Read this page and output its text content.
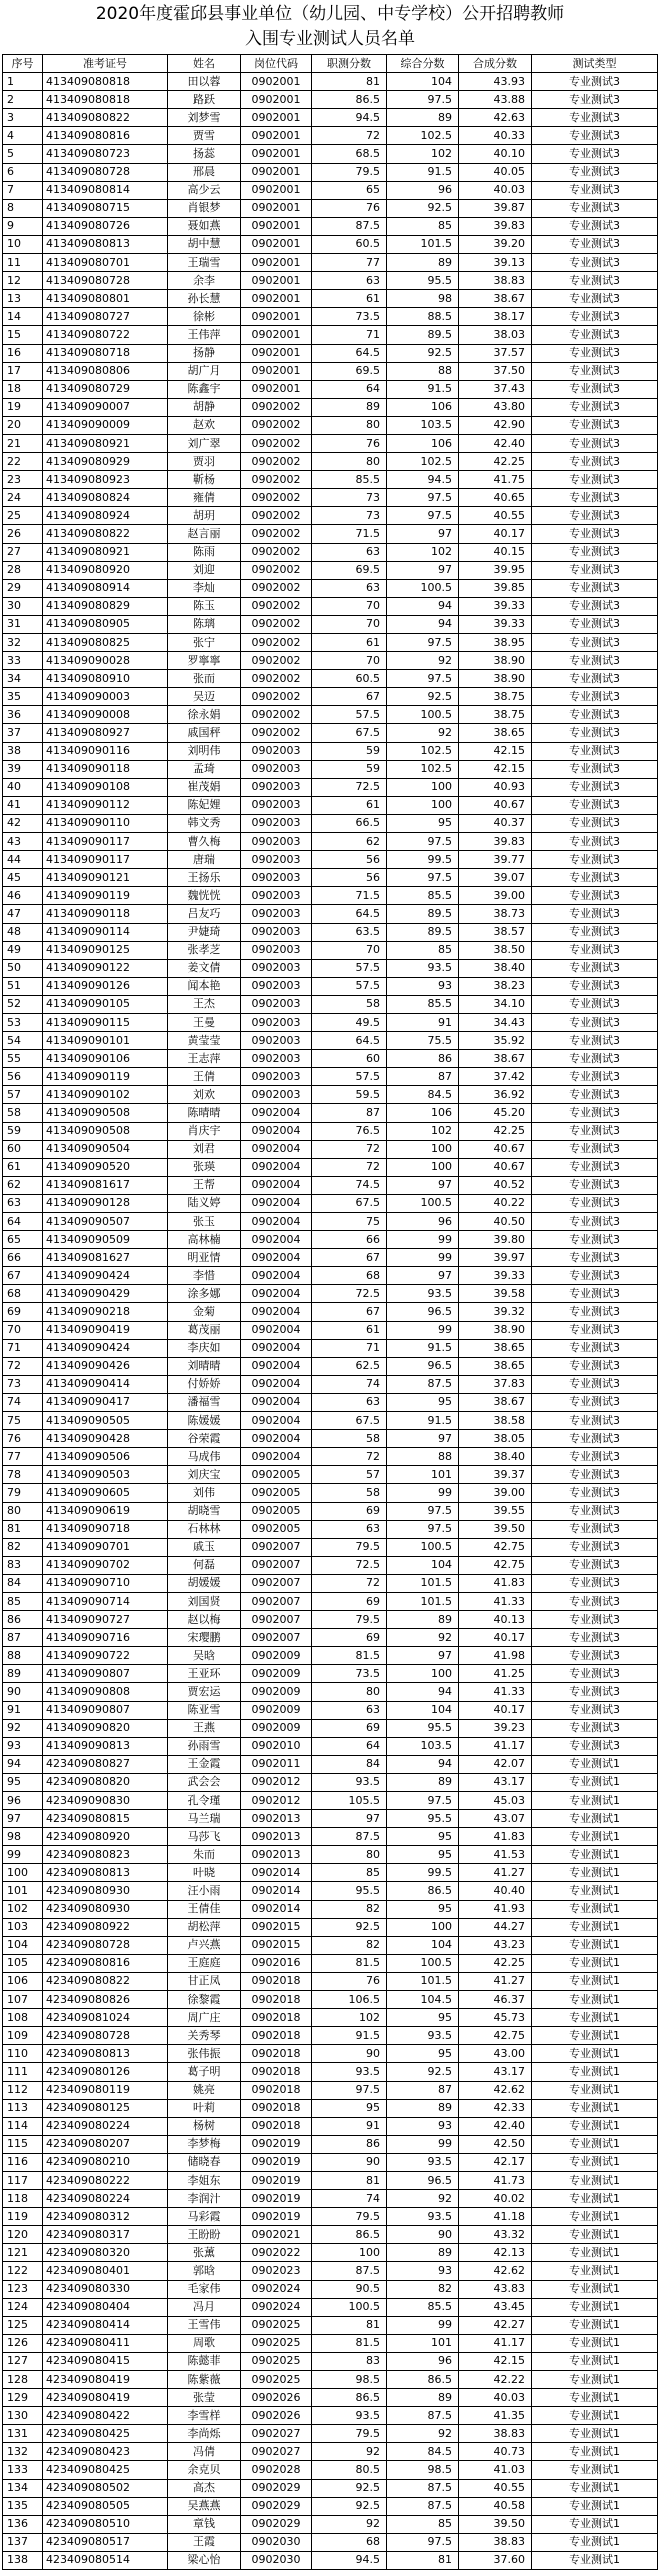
2020年度霍邱县事业单位（幼儿园、中专学校）公开招聘教师
入围专业测试人员名单
序号	准考证号	姓名	岗位代码	职测分数	综合分数	合成分数	测试类型
1	413409080818	田以蓉	0902001	81	104	43.93	专业测试3
2	413409080818	路跃	0902001	86.5	97.5	43.88	专业测试3
3	413409080822	刘梦雪	0902001	94.5	89	42.63	专业测试3
4	413409080816	贾雪	0902001	72	102.5	40.33	专业测试3
5	413409080723	扬蕊	0902001	68.5	102	40.10	专业测试3
6	413409080728	邢晨	0902001	79.5	91.5	40.05	专业测试3
7	413409080814	高少云	0902001	65	96	40.03	专业测试3
8	413409080715	肖银梦	0902001	76	92.5	39.87	专业测试3
9	413409080726	聂如燕	0902001	87.5	85	39.83	专业测试3
10	413409080813	胡中慧	0902001	60.5	101.5	39.20	专业测试3
11	413409080701	王瑞雪	0902001	77	89	39.13	专业测试3
12	413409080728	余李	0902001	63	95.5	38.83	专业测试3
13	413409080801	孙长慧	0902001	61	98	38.67	专业测试3
14	413409080727	徐彬	0902001	73.5	88.5	38.17	专业测试3
15	413409080722	王伟萍	0902001	71	89.5	38.03	专业测试3
16	413409080718	扬静	0902001	64.5	92.5	37.57	专业测试3
17	413409080806	胡广月	0902001	69.5	88	37.50	专业测试3
18	413409080729	陈鑫宇	0902001	64	91.5	37.43	专业测试3
19	413409090007	胡静	0902002	89	106	43.80	专业测试3
20	413409090009	赵欢	0902002	80	103.5	42.90	专业测试3
21	413409080921	刘广翠	0902002	76	106	42.40	专业测试3
22	413409080929	贾羽	0902002	80	102.5	42.25	专业测试3
23	413409080923	靳杨	0902002	85.5	94.5	41.75	专业测试3
24	413409080824	雍倩	0902002	73	97.5	40.65	专业测试3
25	413409080924	胡玥	0902002	73	97.5	40.55	专业测试3
26	413409080822	赵言丽	0902002	71.5	97	40.17	专业测试3
27	413409080921	陈雨	0902002	63	102	40.15	专业测试3
28	413409080920	刘迎	0902002	69.5	97	39.95	专业测试3
29	413409080914	李灿	0902002	63	100.5	39.85	专业测试3
30	413409080829	陈玉	0902002	70	94	39.33	专业测试3
31	413409080905	陈璃	0902002	70	94	39.33	专业测试3
32	413409080825	张宁	0902002	61	97.5	38.95	专业测试3
33	413409090028	罗寧寧	0902002	70	92	38.90	专业测试3
34	413409080910	张而	0902002	60.5	97.5	38.90	专业测试3
35	413409090003	吴迈	0902002	67	92.5	38.75	专业测试3
36	413409090008	徐永娟	0902002	57.5	100.5	38.75	专业测试3
37	413409080927	戚国秤	0902002	67.5	92	38.65	专业测试3
38	413409090116	刘明伟	0902003	59	102.5	42.15	专业测试3
39	413409090118	孟琦	0902003	59	102.5	42.15	专业测试3
40	413409090108	崔茂娟	0902003	72.5	100	40.93	专业测试3
41	413409090112	陈妃娌	0902003	61	100	40.67	专业测试3
42	413409090110	韩文秀	0902003	66.5	95	40.37	专业测试3
43	413409090117	曹久梅	0902003	62	97.5	39.83	专业测试3
44	413409090117	唐瑞	0902003	56	99.5	39.77	专业测试3
45	413409090121	王扬乐	0902003	56	97.5	39.07	专业测试3
46	413409090119	魏恍恍	0902003	71.5	85.5	39.00	专业测试3
47	413409090118	吕友巧	0902003	64.5	89.5	38.73	专业测试3
48	413409090114	尹婕琦	0902003	63.5	89.5	38.57	专业测试3
49	413409090125	张孝芝	0902003	70	85	38.50	专业测试3
50	413409090122	姜文倩	0902003	57.5	93.5	38.40	专业测试3
51	413409090126	闻本艳	0902003	57.5	93	38.23	专业测试3
52	413409090105	王杰	0902003	58	85.5	34.10	专业测试3
53	413409090115	王曼	0902003	49.5	91	34.43	专业测试3
54	413409090101	黄莹莹	0902003	64.5	75.5	35.92	专业测试3
55	413409090106	王志萍	0902003	60	86	38.67	专业测试3
56	413409090119	王倩	0902003	57.5	87	37.42	专业测试3
57	413409090102	刘欢	0902003	59.5	84.5	36.92	专业测试3
58	413409090508	陈晴晴	0902004	87	106	45.20	专业测试3
59	413409090508	肖庆宇	0902004	76.5	102	42.25	专业测试3
60	413409090504	刘君	0902004	72	100	40.67	专业测试3
61	413409090520	张瑛	0902004	72	100	40.67	专业测试3
62	413409081617	王帮	0902004	74.5	97	40.52	专业测试3
63	413409090128	陆义婷	0902004	67.5	100.5	40.22	专业测试3
64	413409090507	张玉	0902004	75	96	40.50	专业测试3
65	413409090509	高林楠	0902004	66	99	39.80	专业测试3
66	413409081627	明亚情	0902004	67	99	39.97	专业测试3
67	413409090424	李惜	0902004	68	97	39.33	专业测试3
68	413409090429	涂多娜	0902004	72.5	93.5	39.58	专业测试3
69	413409090218	金菊	0902004	67	96.5	39.32	专业测试3
70	413409090419	葛茂丽	0902004	61	99	38.90	专业测试3
71	413409090424	李庆如	0902004	71	91.5	38.65	专业测试3
72	413409090426	刘晴晴	0902004	62.5	96.5	38.65	专业测试3
73	413409090414	付娇娇	0902004	74	87.5	37.83	专业测试3
74	413409090417	潘福雪	0902004	63	95	38.67	专业测试3
75	413409090505	陈媛媛	0902004	67.5	91.5	38.58	专业测试3
76	413409090428	谷荣霞	0902004	58	97	38.05	专业测试3
77	413409090506	马成伟	0902004	72	88	38.40	专业测试3
78	413409090503	刘庆宝	0902005	57	101	39.37	专业测试3
79	413409090605	刘伟	0902005	58	99	39.00	专业测试3
80	413409090619	胡晓雪	0902005	69	97.5	39.55	专业测试3
81	413409090718	石林林	0902005	63	97.5	39.50	专业测试3
82	413409090701	戚玉	0902007	79.5	100.5	42.75	专业测试3
83	413409090702	何磊	0902007	72.5	104	42.75	专业测试3
84	413409090710	胡媛媛	0902007	72	101.5	41.83	专业测试3
85	413409090714	刘国贤	0902007	69	101.5	41.33	专业测试3
86	413409090727	赵以梅	0902007	79.5	89	40.13	专业测试3
87	413409090716	宋璎鹏	0902007	69	92	40.17	专业测试3
88	413409090722	吴晗	0902009	81.5	97	41.98	专业测试3
89	413409090807	王亚环	0902009	73.5	100	41.25	专业测试3
90	413409090808	贾宏运	0902009	80	94	41.33	专业测试3
91	413409090807	陈亚雪	0902009	63	104	40.17	专业测试3
92	413409090820	王燕	0902009	69	95.5	39.23	专业测试3
93	413409090813	孙雨雪	0902010	64	103.5	41.17	专业测试3
94	423409080827	王金霞	0902011	84	94	42.07	专业测试1
95	423409080820	武会会	0902012	93.5	89	43.17	专业测试1
96	423409090830	孔令瑾	0902012	105.5	97.5	45.03	专业测试1
97	423409080815	马兰瑞	0902013	97	95.5	43.07	专业测试1
98	423409080920	马莎飞	0902013	87.5	95	41.83	专业测试1
99	423409080823	朱而	0902013	80	95	41.53	专业测试1
100	423409080813	叶晓	0902014	85	99.5	41.27	专业测试1
101	423409080930	汪小雨	0902014	95.5	86.5	40.40	专业测试1
102	423409080930	王倩佳	0902014	82	95	41.93	专业测试1
103	423409080922	胡松萍	0902015	92.5	100	44.27	专业测试1
104	423409080728	卢兴燕	0902015	82	104	43.23	专业测试1
105	423409080816	王庭庭	0902016	81.5	100.5	42.25	专业测试1
106	423409080822	甘正凤	0902018	76	101.5	41.27	专业测试1
107	423409080826	徐黎霞	0902018	106.5	104.5	46.37	专业测试1
108	423409081024	周广庄	0902018	102	95	45.73	专业测试1
109	423409080728	关秀琴	0902018	91.5	93.5	42.75	专业测试1
110	423409080813	张伟振	0902018	90	95	43.00	专业测试1
111	423409080126	葛子明	0902018	93.5	92.5	43.17	专业测试1
112	423409080119	姚亮	0902018	97.5	87	42.62	专业测试1
113	423409080125	叶莉	0902018	95	89	42.33	专业测试1
114	423409080224	杨树	0902018	91	93	42.40	专业测试1
115	423409080207	李梦梅	0902019	86	99	42.50	专业测试1
116	423409080210	储晓春	0902019	90	93.5	42.17	专业测试1
117	423409080222	李姐东	0902019	81	96.5	41.73	专业测试1
118	423409080224	李润汁	0902019	74	92	40.02	专业测试1
119	423409080312	马彩霞	0902019	79.5	93.5	41.18	专业测试1
120	423409080317	王盼盼	0902021	86.5	90	43.32	专业测试1
121	423409080320	张薰	0902022	100	89	42.13	专业测试1
122	423409080401	郭晗	0902023	87.5	93	42.62	专业测试1
123	423409080330	毛家伟	0902024	90.5	82	43.83	专业测试1
124	423409080404	冯月	0902024	100.5	85.5	43.45	专业测试1
125	423409080414	王雪伟	0902025	81	99	42.27	专业测试1
126	423409080411	周歌	0902025	81.5	101	41.17	专业测试1
127	423409080415	陈懿菲	0902025	83	96	42.15	专业测试1
128	423409080419	陈紫薇	0902025	98.5	86.5	42.22	专业测试1
129	423409080419	张莹	0902026	86.5	89	40.03	专业测试1
130	423409080422	李雪样	0902026	93.5	87.5	41.35	专业测试1
131	423409080425	李尚烁	0902027	79.5	92	38.83	专业测试1
132	423409080423	冯倩	0902027	92	84.5	40.73	专业测试1
133	423409080425	余克贝	0902028	80.5	98.5	41.03	专业测试1
134	423409080502	高杰	0902029	92.5	87.5	40.55	专业测试1
135	423409080505	吴燕燕	0902029	92.5	87.5	40.58	专业测试1
136	423409080510	章钱	0902029	92	85	39.50	专业测试1
137	423409080517	王霞	0902030	68	97.5	38.83	专业测试1
138	423409080514	梁心怡	0902030	94.5	81	37.60	专业测试1
